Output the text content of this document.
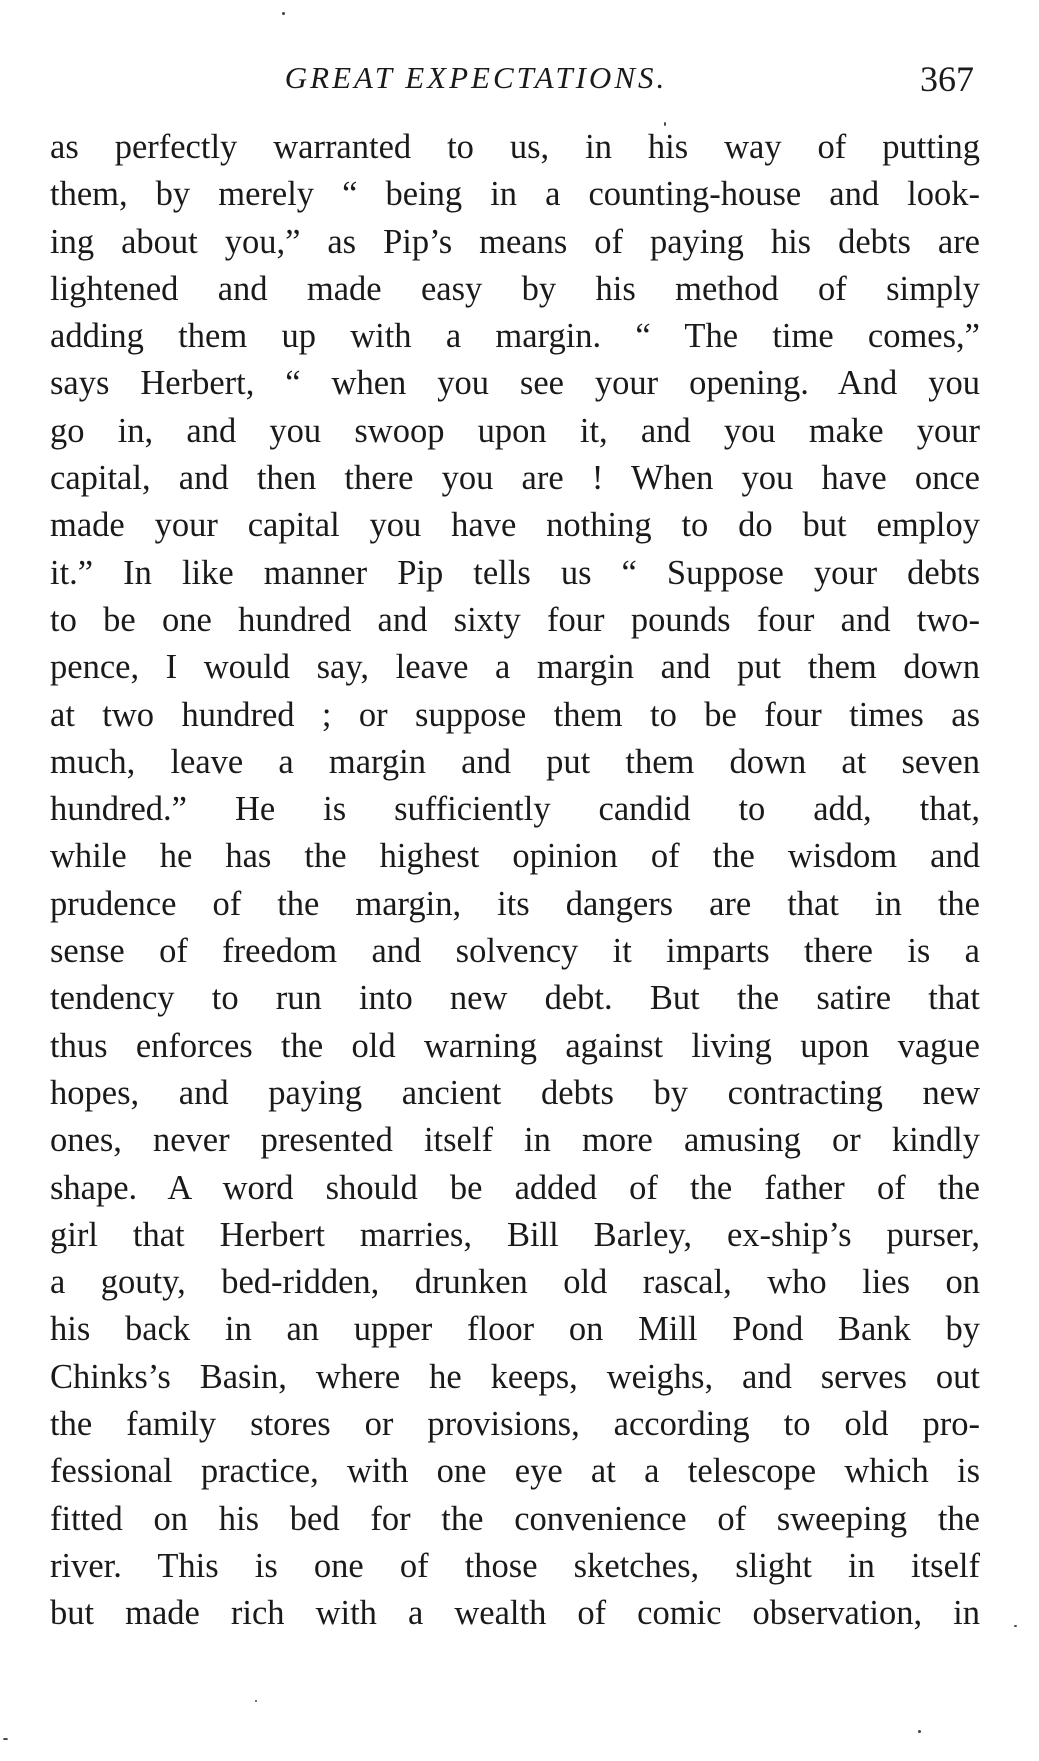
GREAT EXPECTATIONS.	367
as perfectly warranted to us, in his way of putting
them, by merely “ being in a counting-house and look-
ing about you,” as Pip’s means of paying his debts are
lightened and made easy by his method of simply
adding them up with a margin. “ The time comes,”
says Herbert, “ when you see your opening. And you
go in, and you swoop upon it, and you make your
capital, and then there you are ! When you have once
made your capital you have nothing to do but employ
it.” In like manner Pip tells us “ Suppose your debts
to be one hundred and sixty four pounds four and two-
pence, I would say, leave a margin and put them down
at two hundred ; or suppose them to be four times as
much, leave a margin and put them down at seven
hundred.” He is sufficiently candid to add, that,
while he has the highest opinion of the wisdom and
prudence of the margin, its dangers are that in the
sense of freedom and solvency it imparts there is a
tendency to run into new debt. But the satire that
thus enforces the old warning against living upon vague
hopes, and paying ancient debts by contracting new
ones, never presented itself in more amusing or kindly
shape. A word should be added of the father of the
girl that Herbert marries, Bill Barley, ex-ship’s purser,
a gouty, bed-ridden, drunken old rascal, who lies on
his back in an upper floor on Mill Pond Bank by
Chinks’s Basin, where he keeps, weighs, and serves out
the family stores or provisions, according to old pro-
fessional practice, with one eye at a telescope which is
fitted on his bed for the convenience of sweeping the
river. This is one of those sketches, slight in itself
but made rich with a wealth of comic observation, in
